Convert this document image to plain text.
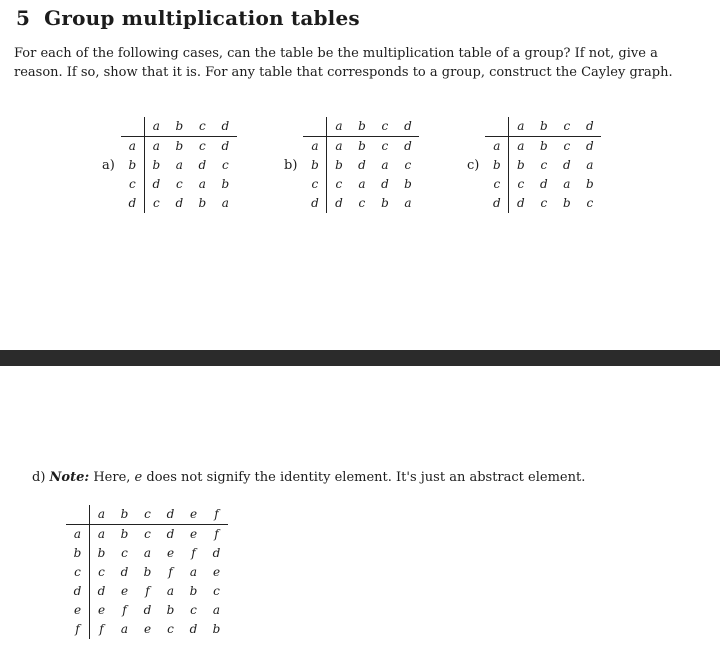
5 Group multiplication tables

For each of the following cases, can the table be the multiplication table of a group? If not, give a reason. If so, show that it is. For any table that corresponds to a group, construct the Cayley graph.

a)
	a	b	c	d
a	a	b	c	d
b	b	a	d	c
c	d	c	a	b
d	c	d	b	a
b)
	a	b	c	d
a	a	b	c	d
b	b	d	a	c
c	c	a	d	b
d	d	c	b	a
c)
	a	b	c	d
a	a	b	c	d
b	b	c	d	a
c	c	d	a	b
d	d	c	b	c

d) Note: Here, e does not signify the identity element. It's just an abstract element.

	a	b	c	d	e	f
a	a	b	c	d	e	f
b	b	c	a	e	f	d
c	c	d	b	f	a	e
d	d	e	f	a	b	c
e	e	f	d	b	c	a
f	f	a	e	c	d	b
